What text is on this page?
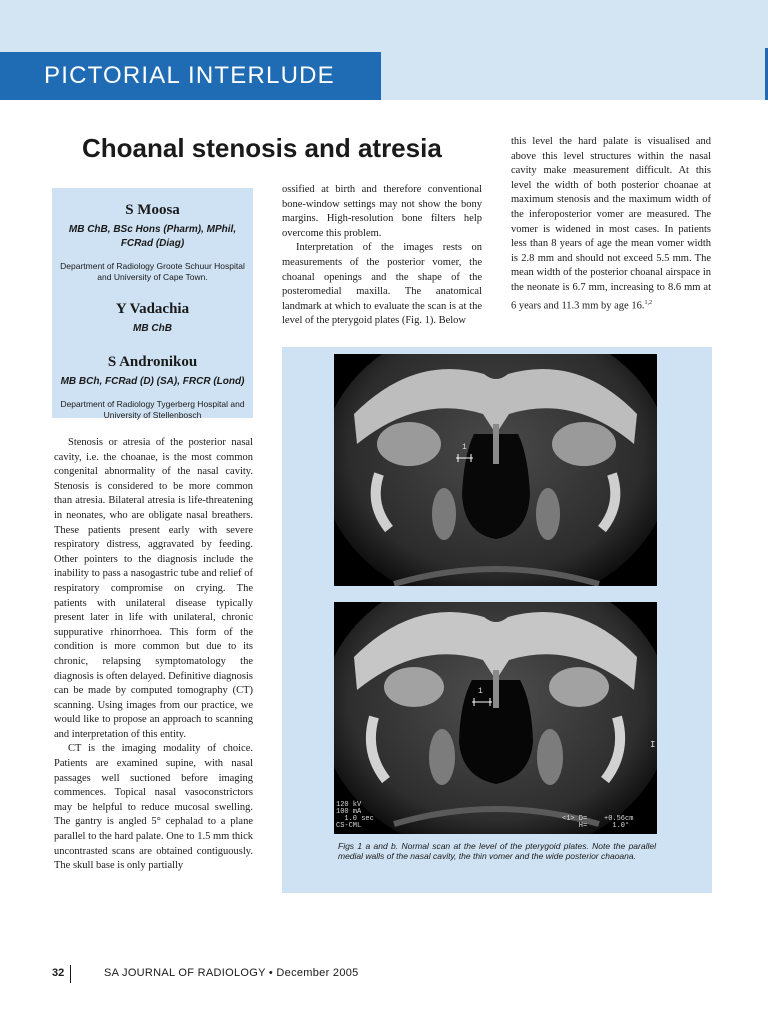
PICTORIAL INTERLUDE
Choanal stenosis and atresia
S Moosa
MB ChB, BSc Hons (Pharm), MPhil, FCRad (Diag)
Department of Radiology Groote Schuur Hospital and University of Cape Town.
Y Vadachia
MB ChB
S Andronikou
MB BCh, FCRad (D) (SA), FRCR (Lond)
Department of Radiology Tygerberg Hospital and University of Stellenbosch

Stenosis or atresia of the posterior nasal cavity, i.e. the choanae, is the most common congenital abnormality of the nasal cavity. Stenosis is considered to be more common than atresia. Bilateral atresia is life-threatening in neonates, who are obligate nasal breathers. These patients present early with severe respiratory distress, aggravated by feeding. Other pointers to the diagnosis include the inability to pass a nasogastric tube and relief of respiratory compromise on crying. The patients with unilateral disease typically present later in life with unilateral, chronic suppurative rhinorrhoea. This form of the condition is more common but due to its chronic, relapsing symptomatology the diagnosis is often delayed. Definitive diagnosis can be made by computed tomography (CT) scanning. Using images from our practice, we would like to propose an approach to scanning and interpretation of this entity.

CT is the imaging modality of choice. Patients are examined supine, with nasal passages well suctioned before imaging commences. Topical nasal vasoconstrictors may be helpful to reduce mucosal swelling. The gantry is angled 5° cephalad to a plane parallel to the hard palate. One to 1.5 mm thick uncontrasted scans are obtained contiguously. The skull base is only partially

ossified at birth and therefore conventional bone-window settings may not show the bony margins. High-resolution bone filters help overcome this problem.

Interpretation of the images rests on measurements of the posterior vomer, the choanal openings and the shape of the posteromedial maxilla. The anatomical landmark at which to evaluate the scan is at the level of the pterygoid plates (Fig. 1). Below

this level the hard palate is visualised and above this level structures within the nasal cavity make measurement difficult. At this level the width of both posterior choanae at maximum stenosis and the maximum width of the inferoposterior vomer are measured. The vomer is widened in most cases. In patients less than 8 years of age the mean vomer width is 2.8 mm and should not exceed 5.5 mm. The mean width of the posterior choanal airspace in the neonate is 6.7 mm, increasing to 8.6 mm at 6 years and 11.3 mm by age 16.$^{1,2}$

1
1
120 kV
100 mA
1.0 sec
CS-CML
<1> D=
H=
+0.56cm
1.0°
I
Figs 1 a and b. Normal scan at the level of the pterygoid plates. Note the parallel medial walls of the nasal cavity, the thin vomer and the wide posterior chaoana.
32	SA JOURNAL OF RADIOLOGY • December 2005
